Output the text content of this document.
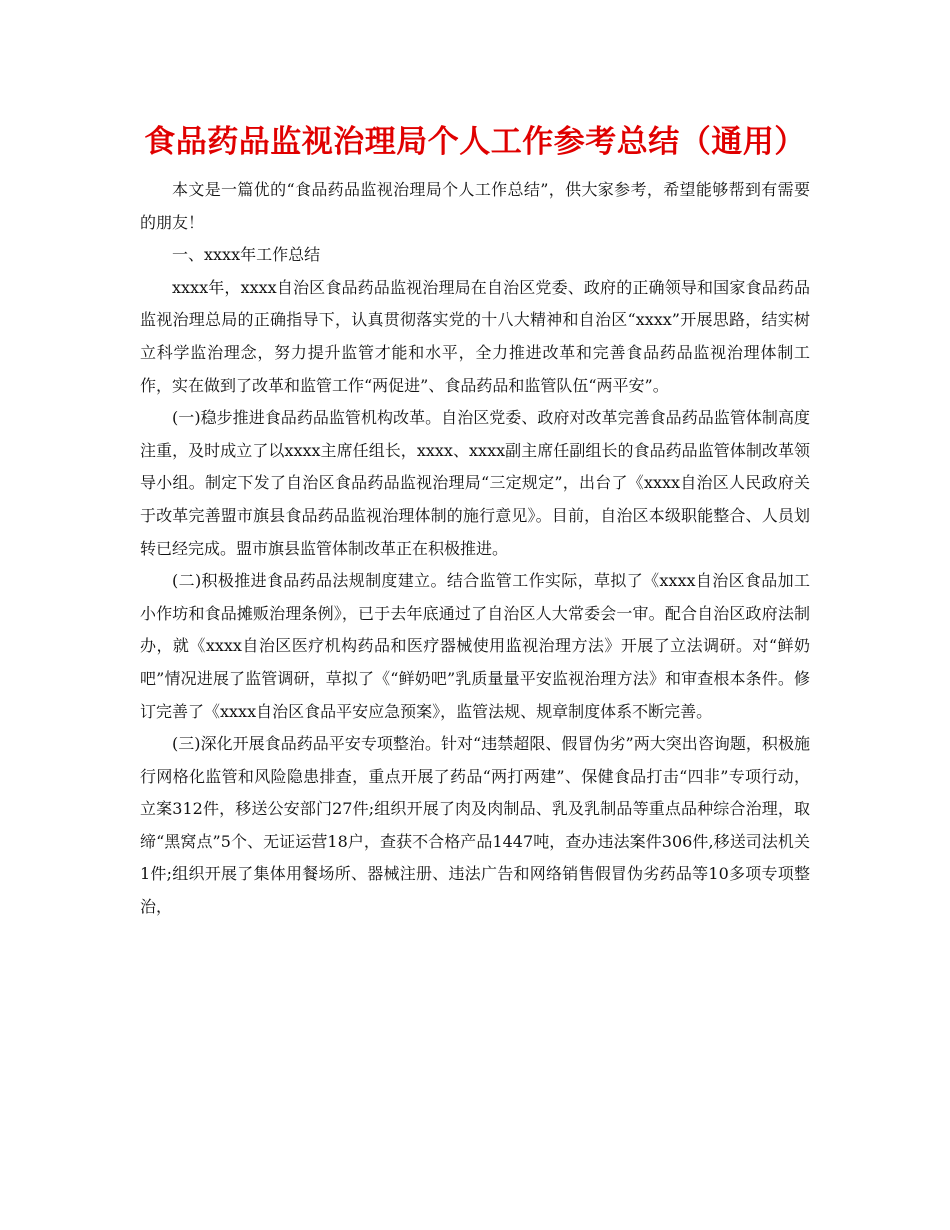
食品药品监视治理局个人工作参考总结（通用）

本文是一篇优的“食品药品监视治理局个人工作总结”，供大家参考，希望能够帮到有需要的朋友！

一、xxxx年工作总结

xxxx年，xxxx自治区食品药品监视治理局在自治区党委、政府的正确领导和国家食品药品监视治理总局的正确指导下，认真贯彻落实党的十八大精神和自治区“xxxx”开展思路，结实树立科学监治理念，努力提升监管才能和水平，全力推进改革和完善食品药品监视治理体制工作，实在做到了改革和监管工作“两促进”、食品药品和监管队伍“两平安”。

(一)稳步推进食品药品监管机构改革。自治区党委、政府对改革完善食品药品监管体制高度注重，及时成立了以xxxx主席任组长，xxxx、xxxx副主席任副组长的食品药品监管体制改革领导小组。制定下发了自治区食品药品监视治理局“三定规定”，出台了《xxxx自治区人民政府关于改革完善盟市旗县食品药品监视治理体制的施行意见》。目前，自治区本级职能整合、人员划转已经完成。盟市旗县监管体制改革正在积极推进。

(二)积极推进食品药品法规制度建立。结合监管工作实际，草拟了《xxxx自治区食品加工小作坊和食品摊贩治理条例》，已于去年底通过了自治区人大常委会一审。配合自治区政府法制办，就《xxxx自治区医疗机构药品和医疗器械使用监视治理方法》开展了立法调研。对“鲜奶吧”情况进展了监管调研，草拟了《“鲜奶吧”乳质量量平安监视治理方法》和审查根本条件。修订完善了《xxxx自治区食品平安应急预案》，监管法规、规章制度体系不断完善。

(三)深化开展食品药品平安专项整治。针对“违禁超限、假冒伪劣”两大突出咨询题，积极施行网格化监管和风险隐患排查，重点开展了药品“两打两建”、保健食品打击“四非”专项行动，立案312件，移送公安部门27件;组织开展了肉及肉制品、乳及乳制品等重点品种综合治理，取缔“黑窝点”5个、无证运营18户，查获不合格产品1447吨，查办违法案件306件,移送司法机关1件;组织开展了集体用餐场所、器械注册、违法广告和网络销售假冒伪劣药品等10多项专项整治，
